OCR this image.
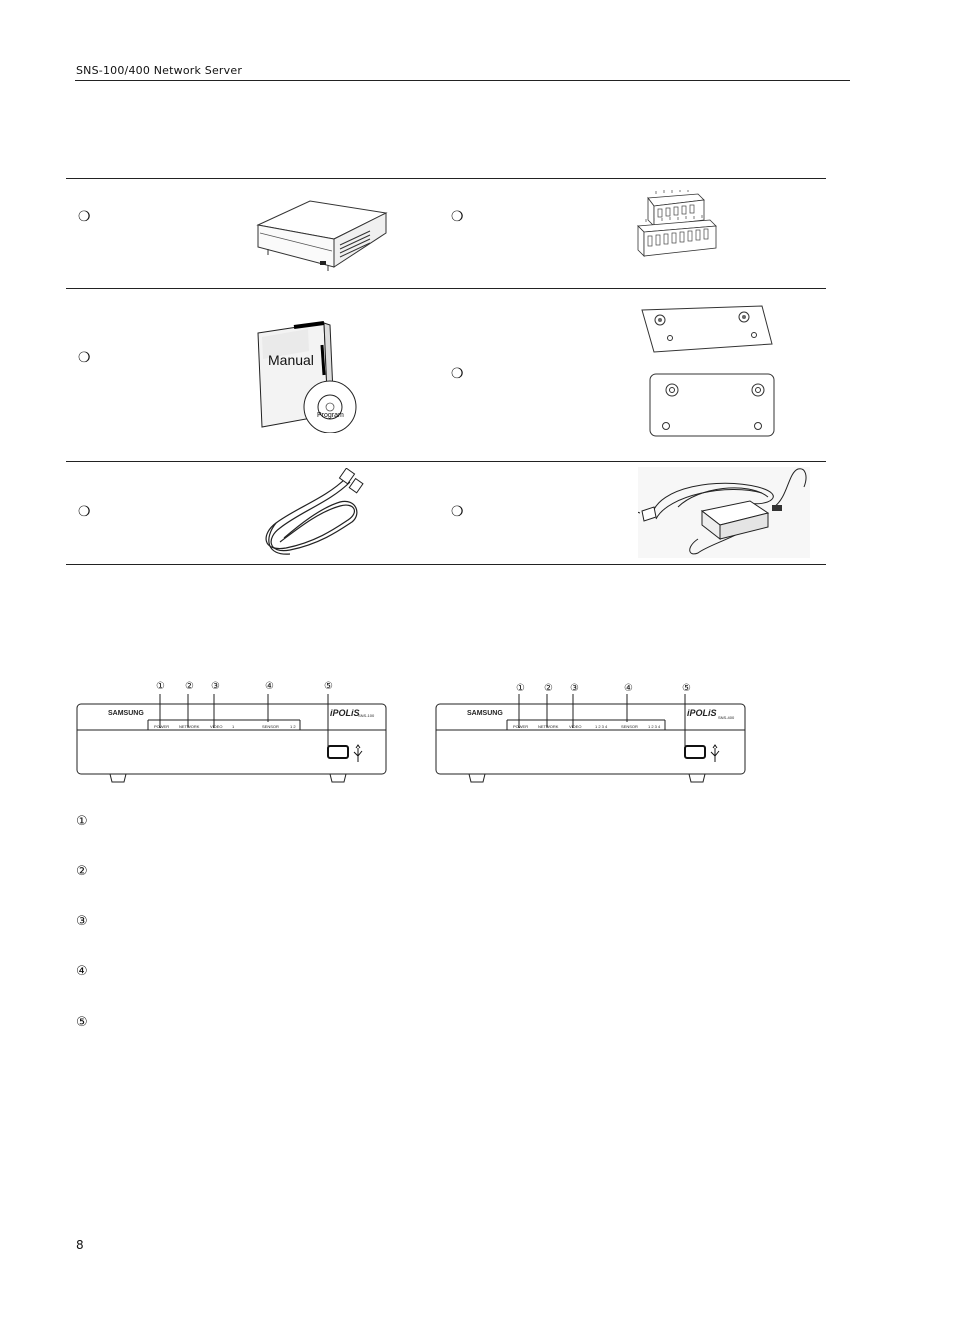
SNS-100/400 Network Server
❍	❍
❍
❍
❍	❍
Manual
Program
① ② ③	④	⑤	① ② ③	④	⑤
SAMSUNG	iPOLiS
SNS-100
POWER NETWORK	VIDEO 1	SENSOR	1 2
SAMSUNG	iPOLiS SNS-400
POWER NETWORK	VIDEO	1 2 3 4	SENSOR	1 2 3 4
①
②
③
④
⑤
8
